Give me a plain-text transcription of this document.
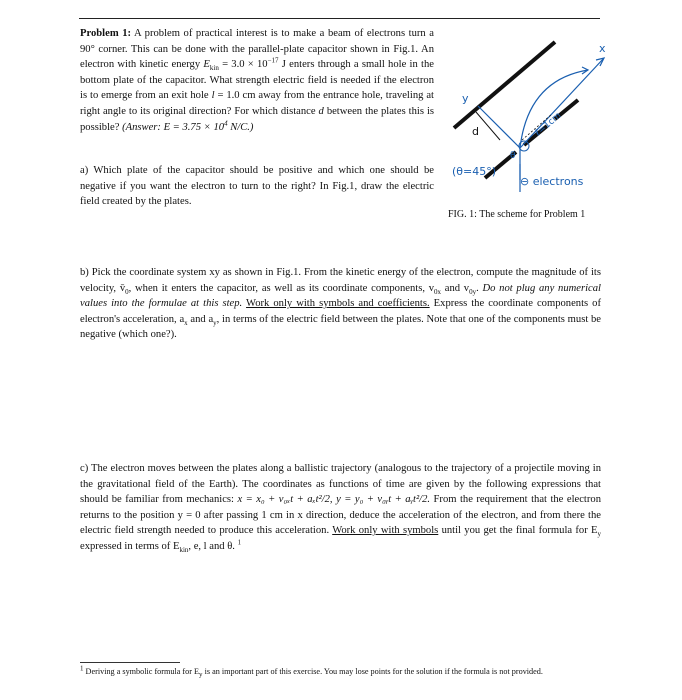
Problem 1: A problem of practical interest is to make a beam of electrons turn a 90° corner. This can be done with the parallel-plate capacitor shown in Fig.1. An electron with kinetic energy $E_{kin} = 3.0 \times 10^{-17}$ J enters through a small hole in the bottom plate of the capacitor. What strength electric field is needed if the electron is to emerge from an exit hole l = 1.0 cm away from the entrance hole, traveling at right angle to its original direction? For which distance d between the plates this is possible? (Answer: $E = 3.75 \times 10^4$ N/C.)
a) Which plate of the capacitor should be positive and which one should be negative if you want the electron to turn to the right? In Fig.1, draw the electric field created by the plates.
y
x
d
θ
ℓ=1cm
(θ=45°)
⊖ electrons
FIG. 1: The scheme for Problem 1
b) Pick the coordinate system xy as shown in Fig.1. From the kinetic energy of the electron, compute the magnitude of its velocity, $v̄_0$, when it enters the capacitor, as well as its coordinate components, $v_{0x}$ and $v_{0y}$. Do not plug any numerical values into the formulae at this step. Work only with symbols and coefficients. Express the coordinate components of electron's acceleration, $a_x$ and $a_y$, in terms of the electric field between the plates. Note that one of the components must be negative (which one?).
c) The electron moves between the plates along a ballistic trajectory (analogous to the trajectory of a projectile moving in the gravitational field of the Earth). The coordinates as functions of time are given by the following expressions that should be familiar from mechanics: x = x₀ + v₀ₓt + aₓt²/2, y = y₀ + v₀ᵧt + aᵧt²/2. From the requirement that the electron returns to the position y = 0 after passing 1 cm in x direction, deduce the acceleration of the electron, and from there the electric field strength needed to produce this acceleration. Work only with symbols until you get the final formula for $E_y$ expressed in terms of $E_{kin}$, e, l and θ. $^1$
$^1$ Deriving a symbolic formula for $E_y$ is an important part of this exercise. You may lose points for the solution if the formula is not provided.
